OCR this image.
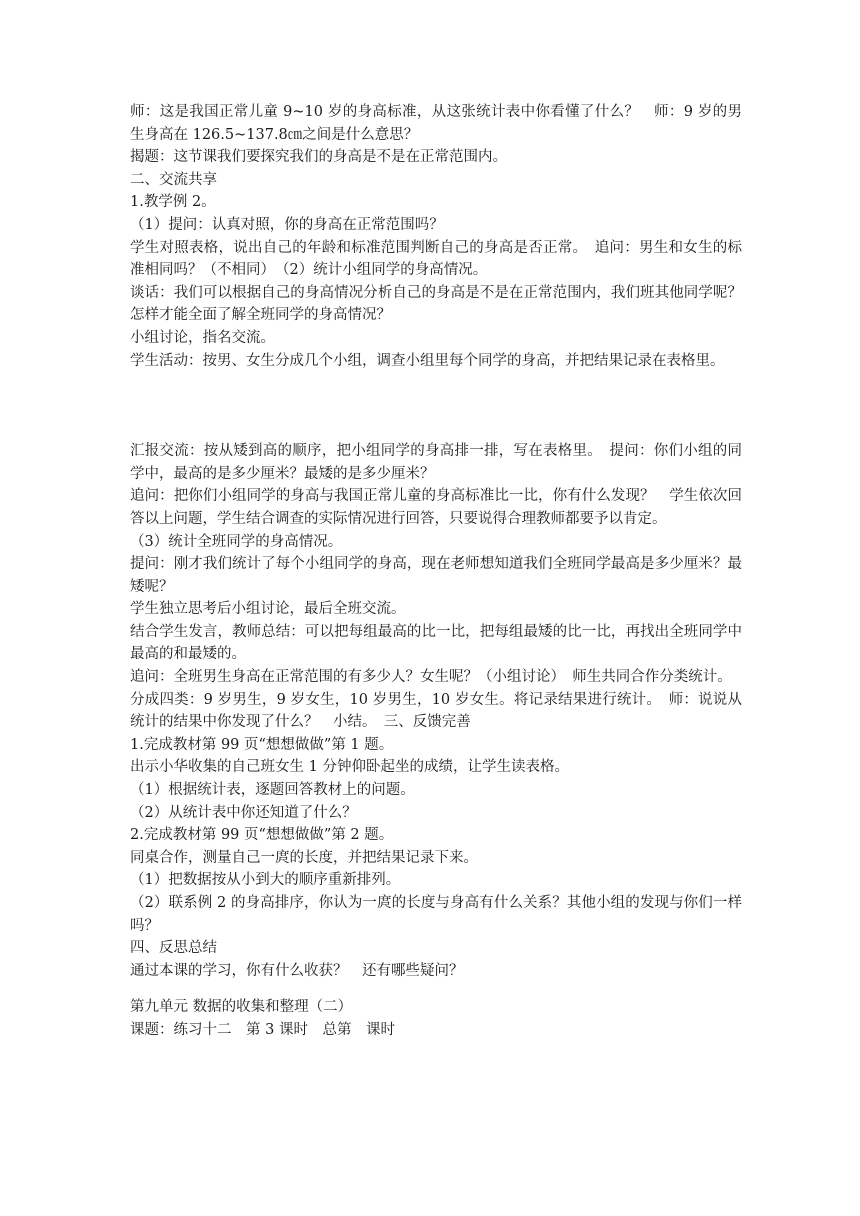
师：这是我国正常儿童 9~10 岁的身高标准，从这张统计表中你看懂了什么？　师：9 岁的男生身高在 126.5~137.8㎝之间是什么意思？

揭题：这节课我们要探究我们的身高是不是在正常范围内。

二、交流共享

1.教学例 2。

（1）提问：认真对照，你的身高在正常范围吗？

学生对照表格，说出自己的年龄和标准范围判断自己的身高是否正常。　追问：男生和女生的标准相同吗？（不相同）　（2）统计小组同学的身高情况。

谈话：我们可以根据自己的身高情况分析自己的身高是不是在正常范围内，我们班其他同学呢？怎样才能全面了解全班同学的身高情况？

小组讨论，指名交流。

学生活动：按男、女生分成几个小组，调查小组里每个同学的身高，并把结果记录在表格里。

汇报交流：按从矮到高的顺序，把小组同学的身高排一排，写在表格里。　提问：你们小组的同学中，最高的是多少厘米？最矮的是多少厘米？

追问：把你们小组同学的身高与我国正常儿童的身高标准比一比，你有什么发现？　学生依次回答以上问题，学生结合调查的实际情况进行回答，只要说得合理教师都要予以肯定。

（3）统计全班同学的身高情况。

提问：刚才我们统计了每个小组同学的身高，现在老师想知道我们全班同学最高是多少厘米？最矮呢？

学生独立思考后小组讨论，最后全班交流。

结合学生发言，教师总结：可以把每组最高的比一比，把每组最矮的比一比，再找出全班同学中最高的和最矮的。

追问：全班男生身高在正常范围的有多少人？女生呢？（小组讨论）　师生共同合作分类统计。

分成四类：9 岁男生，9 岁女生，10 岁男生，10 岁女生。将记录结果进行统计。　师：说说从统计的结果中你发现了什么？　小结。　三、反馈完善

1.完成教材第 99 页“想想做做”第 1 题。

出示小华收集的自己班女生 1 分钟仰卧起坐的成绩，让学生读表格。

（1）根据统计表，逐题回答教材上的问题。

（2）从统计表中你还知道了什么？

2.完成教材第 99 页“想想做做”第 2 题。

同桌合作，测量自己一庹的长度，并把结果记录下来。

（1）把数据按从小到大的顺序重新排列。

（2）联系例 2 的身高排序，你认为一庹的长度与身高有什么关系？其他小组的发现与你们一样吗？

四、反思总结

通过本课的学习，你有什么收获？　还有哪些疑问？

第九单元 数据的收集和整理（二）

课题：练习十二　第 3 课时　总第　课时
